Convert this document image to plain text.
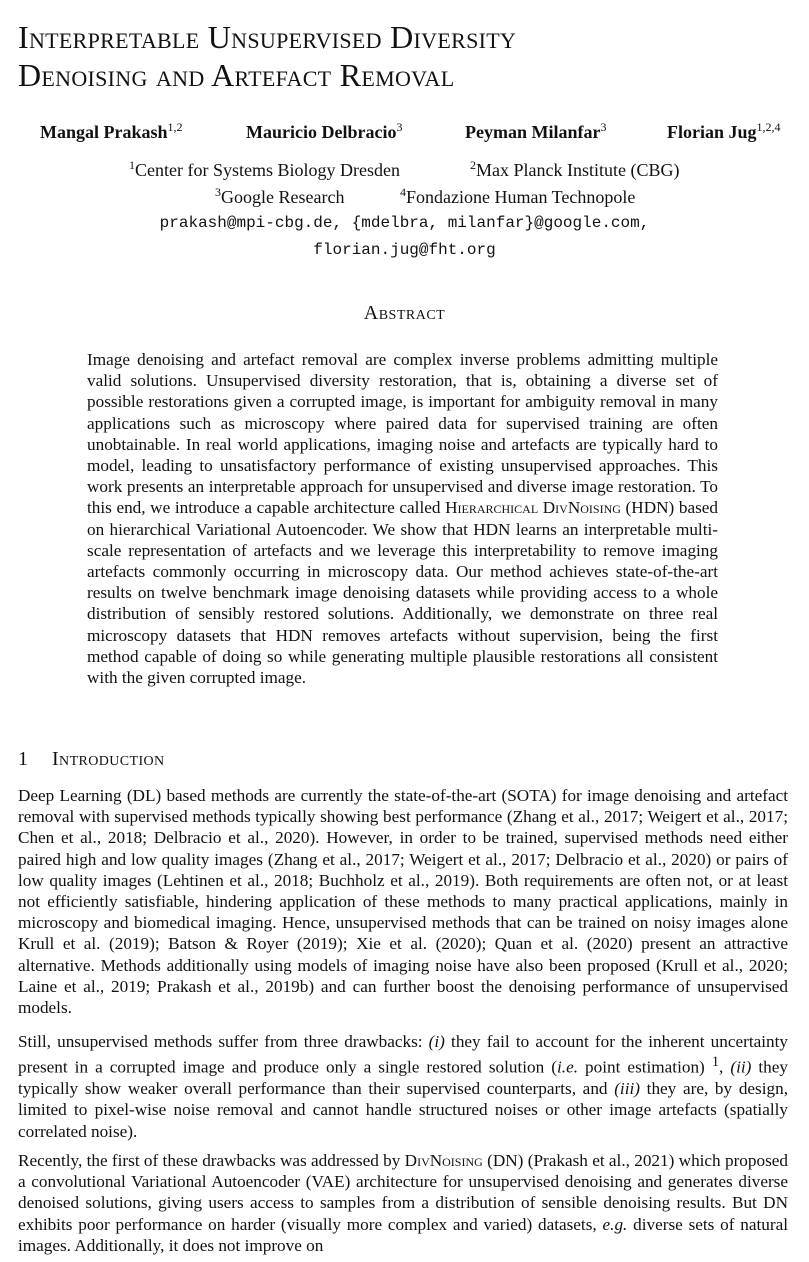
Interpretable Unsupervised Diversity
Denoising and Artefact Removal
Mangal Prakash$^{1,2}$	Mauricio Delbracio$^3$	Peyman Milanfar$^3$	Florian Jug$^{1,2,4}$
$^1$Center for Systems Biology Dresden	$^2$Max Planck Institute (CBG)
$^3$Google Research	$^4$Fondazione Human Technopole
prakash@mpi-cbg.de, {mdelbra, milanfar}@google.com,
florian.jug@fht.org
Abstract

Image denoising and artefact removal are complex inverse problems admitting multiple valid solutions. Unsupervised diversity restoration, that is, obtaining a diverse set of possible restorations given a corrupted image, is important for ambiguity removal in many applications such as microscopy where paired data for supervised training are often unobtainable. In real world applications, imaging noise and artefacts are typically hard to model, leading to unsatisfactory performance of existing unsupervised approaches. This work presents an interpretable approach for unsupervised and diverse image restoration. To this end, we introduce a capable architecture called Hierarchical DivNoising (HDN) based on hierarchical Variational Autoencoder. We show that HDN learns an interpretable multi-scale representation of artefacts and we leverage this interpretability to remove imaging artefacts commonly occurring in microscopy data. Our method achieves state-of-the-art results on twelve benchmark image denoising datasets while providing access to a whole distribution of sensibly restored solutions. Additionally, we demonstrate on three real microscopy datasets that HDN removes artefacts without supervision, being the first method capable of doing so while generating multiple plausible restorations all consistent with the given corrupted image.

1 Introduction

Deep Learning (DL) based methods are currently the state-of-the-art (SOTA) for image denoising and artefact removal with supervised methods typically showing best performance (Zhang et al., 2017; Weigert et al., 2017; Chen et al., 2018; Delbracio et al., 2020). However, in order to be trained, supervised methods need either paired high and low quality images (Zhang et al., 2017; Weigert et al., 2017; Delbracio et al., 2020) or pairs of low quality images (Lehtinen et al., 2018; Buchholz et al., 2019). Both requirements are often not, or at least not efficiently satisfiable, hindering application of these methods to many practical applications, mainly in microscopy and biomedical imaging. Hence, unsupervised methods that can be trained on noisy images alone Krull et al. (2019); Batson & Royer (2019); Xie et al. (2020); Quan et al. (2020) present an attractive alternative. Methods additionally using models of imaging noise have also been proposed (Krull et al., 2020; Laine et al., 2019; Prakash et al., 2019b) and can further boost the denoising performance of unsupervised models.

Still, unsupervised methods suffer from three drawbacks: (i) they fail to account for the inherent uncertainty present in a corrupted image and produce only a single restored solution (i.e. point estimation) $^1$, (ii) they typically show weaker overall performance than their supervised counterparts, and (iii) they are, by design, limited to pixel-wise noise removal and cannot handle structured noises or other image artefacts (spatially correlated noise).

Recently, the first of these drawbacks was addressed by DivNoising (DN) (Prakash et al., 2021) which proposed a convolutional Variational Autoencoder (VAE) architecture for unsupervised denoising and generates diverse denoised solutions, giving users access to samples from a distribution of sensible denoising results. But DN exhibits poor performance on harder (visually more complex and varied) datasets, e.g. diverse sets of natural images. Additionally, it does not improve on
